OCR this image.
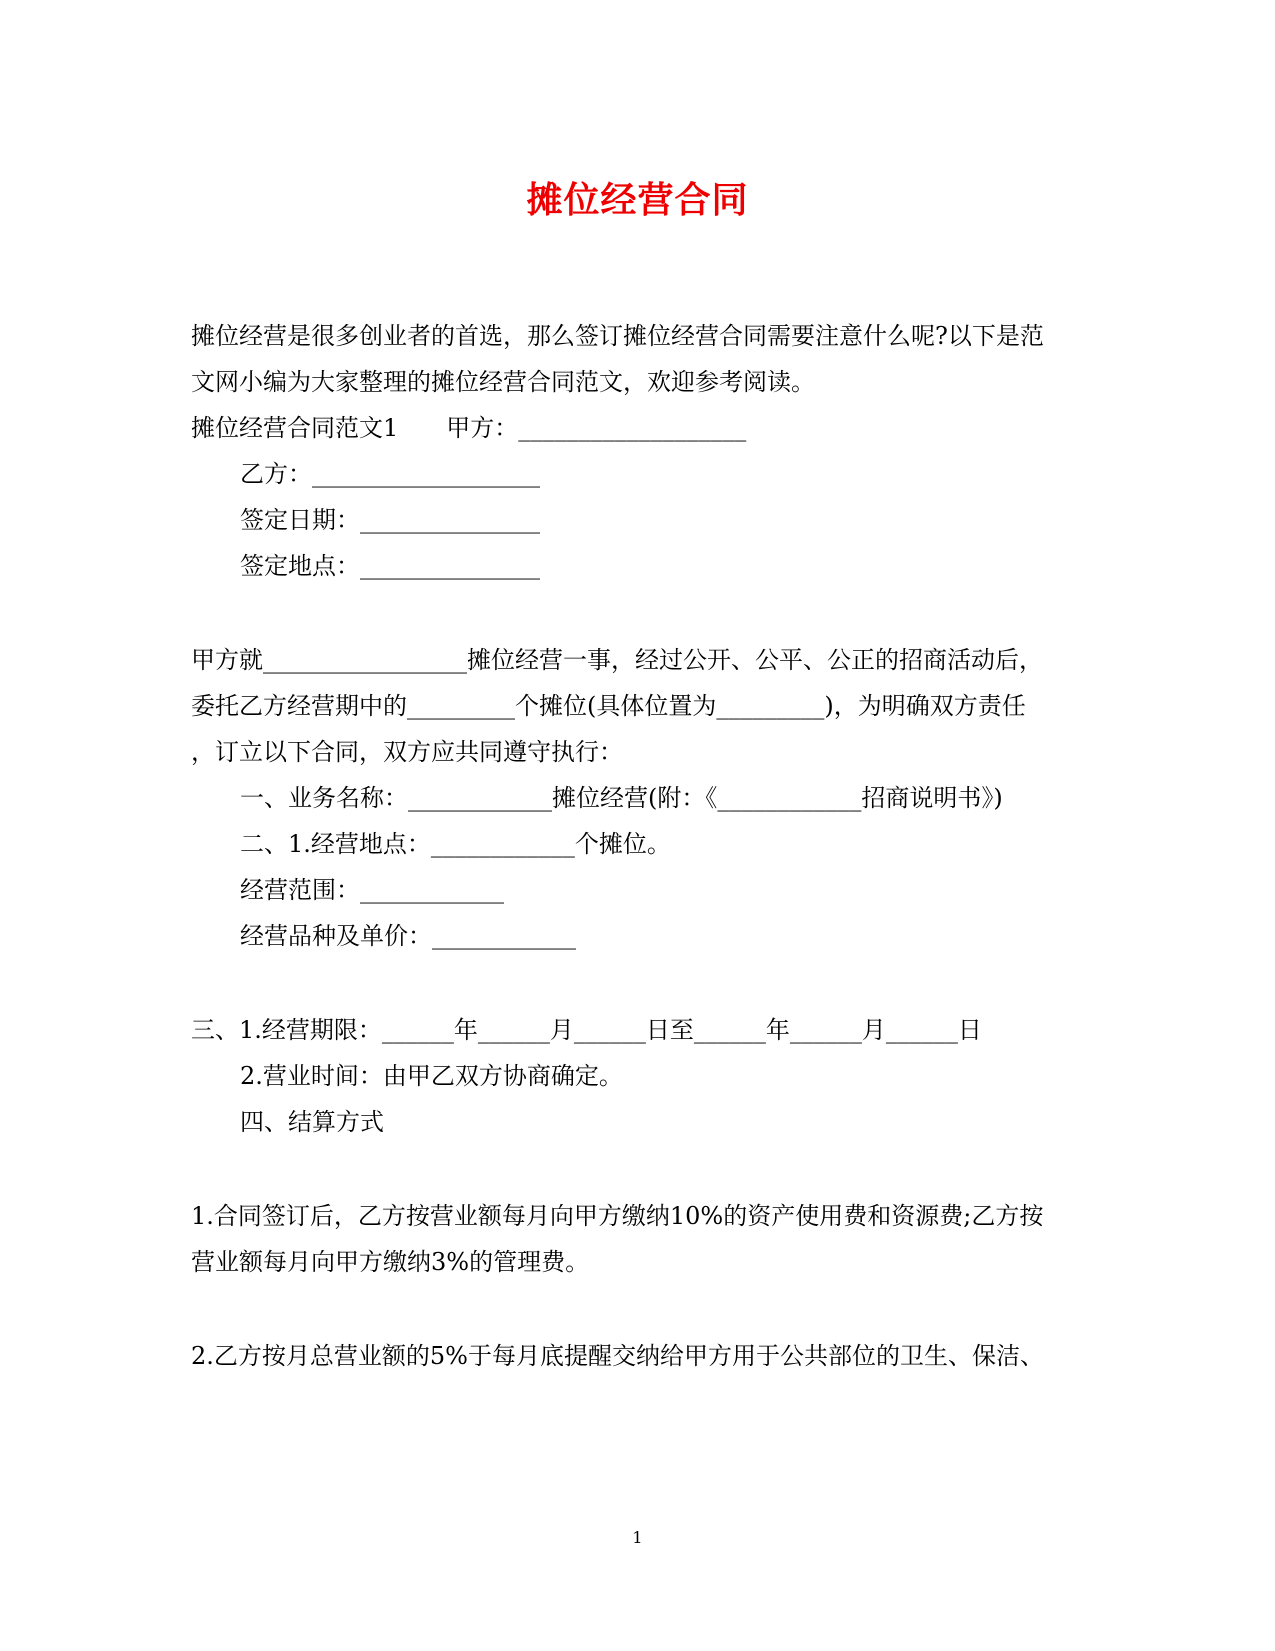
摊位经营合同
摊位经营是很多创业者的首选，那么签订摊位经营合同需要注意什么呢?以下是范
文网小编为大家整理的摊位经营合同范文，欢迎参考阅读。
摊位经营合同范文1　　甲方：___________________
乙方：___________________
签定日期：_______________
签定地点：_______________
甲方就_________________摊位经营一事，经过公开、公平、公正的招商活动后，
委托乙方经营期中的_________个摊位(具体位置为_________)，为明确双方责任
，订立以下合同，双方应共同遵守执行：
一、业务名称：____________摊位经营(附：《____________招商说明书》)
二、1.经营地点：____________个摊位。
经营范围：____________
经营品种及单价：____________
三、1.经营期限：______年______月______日至______年______月______日
2.营业时间：由甲乙双方协商确定。
四、结算方式
1.合同签订后，乙方按营业额每月向甲方缴纳10%的资产使用费和资源费;乙方按
营业额每月向甲方缴纳3%的管理费。
2.乙方按月总营业额的5%于每月底提醒交纳给甲方用于公共部位的卫生、保洁、
1
